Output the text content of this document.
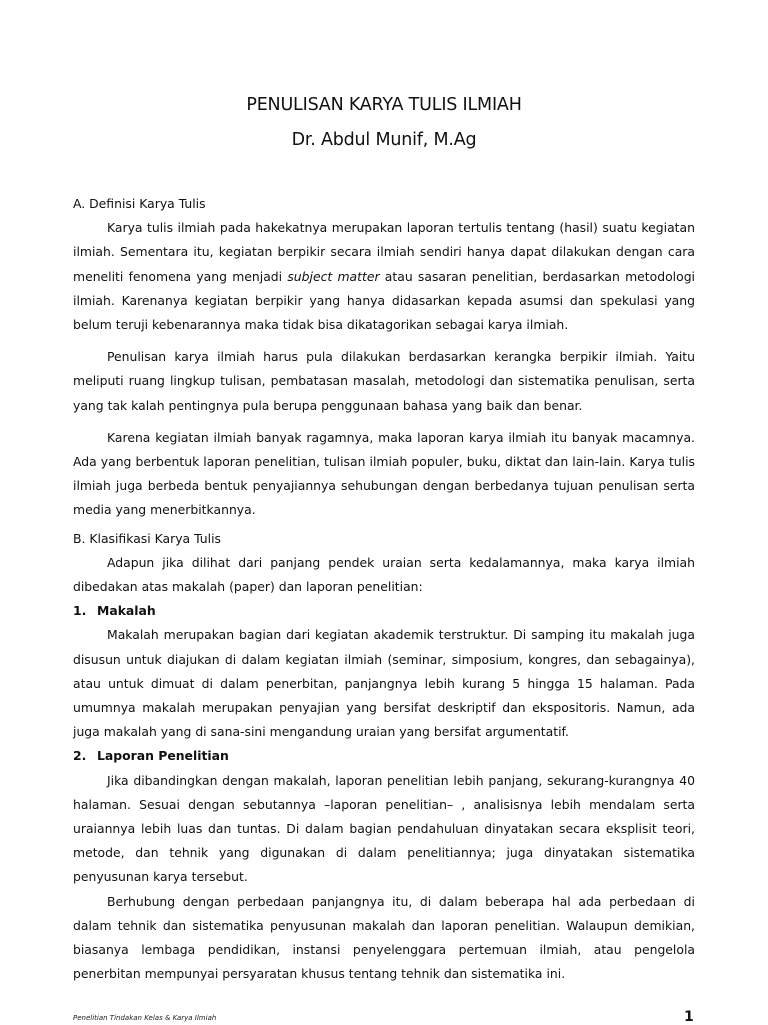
PENULISAN KARYA TULIS ILMIAH
Dr. Abdul Munif, M.Ag
A. Definisi Karya Tulis

Karya tulis ilmiah pada hakekatnya merupakan laporan tertulis tentang (hasil) suatu kegiatan ilmiah. Sementara itu, kegiatan berpikir secara ilmiah sendiri hanya dapat dilakukan dengan cara meneliti fenomena yang menjadi subject matter atau sasaran penelitian, berdasarkan metodologi ilmiah. Karenanya kegiatan berpikir yang hanya didasarkan kepada asumsi dan spekulasi yang belum teruji kebenarannya maka tidak bisa dikatagorikan sebagai karya ilmiah.

Penulisan karya ilmiah harus pula dilakukan berdasarkan kerangka berpikir ilmiah. Yaitu meliputi ruang lingkup tulisan, pembatasan masalah, metodologi dan sistematika penulisan, serta yang tak kalah pentingnya pula berupa penggunaan bahasa yang baik dan benar.

Karena kegiatan ilmiah banyak ragamnya, maka laporan karya ilmiah itu banyak macamnya. Ada yang berbentuk laporan penelitian, tulisan ilmiah populer, buku, diktat dan lain-lain. Karya tulis ilmiah juga berbeda bentuk penyajiannya sehubungan dengan berbedanya tujuan penulisan serta media yang menerbitkannya.

B. Klasifikasi Karya Tulis

Adapun jika dilihat dari panjang pendek uraian serta kedalamannya, maka karya ilmiah dibedakan atas makalah (paper) dan laporan penelitian:

1. Makalah

Makalah merupakan bagian dari kegiatan akademik terstruktur. Di samping itu makalah juga disusun untuk diajukan di dalam kegiatan ilmiah (seminar, simposium, kongres, dan sebagainya), atau untuk dimuat di dalam penerbitan, panjangnya lebih kurang 5 hingga 15 halaman. Pada umumnya makalah merupakan penyajian yang bersifat deskriptif dan ekspositoris. Namun, ada juga makalah yang di sana-sini mengandung uraian yang bersifat argumentatif.

2. Laporan Penelitian

Jika dibandingkan dengan makalah, laporan penelitian lebih panjang, sekurang-kurangnya 40 halaman. Sesuai dengan sebutannya –laporan penelitian– , analisisnya lebih mendalam serta uraiannya lebih luas dan tuntas. Di dalam bagian pendahuluan dinyatakan secara eksplisit teori, metode, dan tehnik yang digunakan di dalam penelitiannya; juga dinyatakan sistematika penyusunan karya tersebut.

Berhubung dengan perbedaan panjangnya itu, di dalam beberapa hal ada perbedaan di dalam tehnik dan sistematika penyusunan makalah dan laporan penelitian. Walaupun demikian, biasanya lembaga pendidikan, instansi penyelenggara pertemuan ilmiah, atau pengelola penerbitan mempunyai persyaratan khusus tentang tehnik dan sistematika ini.

Penelitian Tindakan Kelas & Karya Ilmiah	1
